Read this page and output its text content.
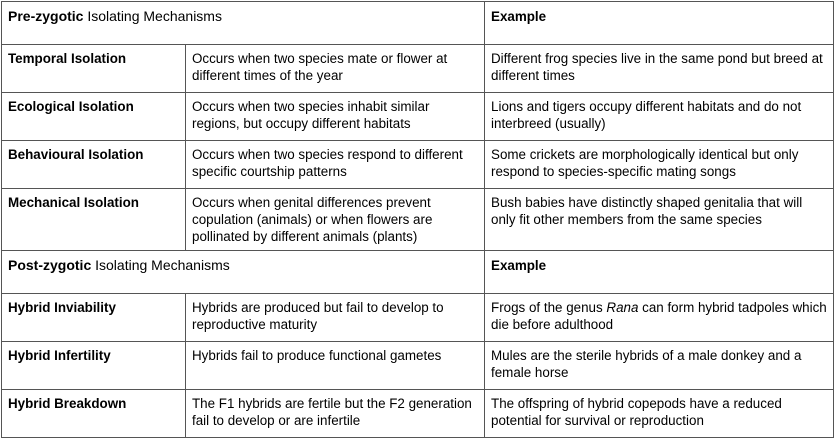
Pre-zygotic Isolating Mechanisms		Example
Temporal Isolation	Occurs when two species mate or flower at different times of the year	Different frog species live in the same pond but breed at different times
Ecological Isolation	Occurs when two species inhabit similar regions, but occupy different habitats	Lions and tigers occupy different habitats and do not interbreed (usually)
Behavioural Isolation	Occurs when two species respond to different specific courtship patterns	Some crickets are morphologically identical but only respond to species-specific mating songs
Mechanical Isolation	Occurs when genital differences prevent copulation (animals) or when flowers are pollinated by different animals (plants)	Bush babies have distinctly shaped genitalia that will only fit other members from the same species
Post-zygotic Isolating Mechanisms		Example
Hybrid Inviability	Hybrids are produced but fail to develop to reproductive maturity	Frogs of the genus Rana can form hybrid tadpoles which die before adulthood
Hybrid Infertility	Hybrids fail to produce functional gametes	Mules are the sterile hybrids of a male donkey and a female horse
Hybrid Breakdown	The F1 hybrids are fertile but the F2 generation fail to develop or are infertile	The offspring of hybrid copepods have a reduced potential for survival or reproduction
